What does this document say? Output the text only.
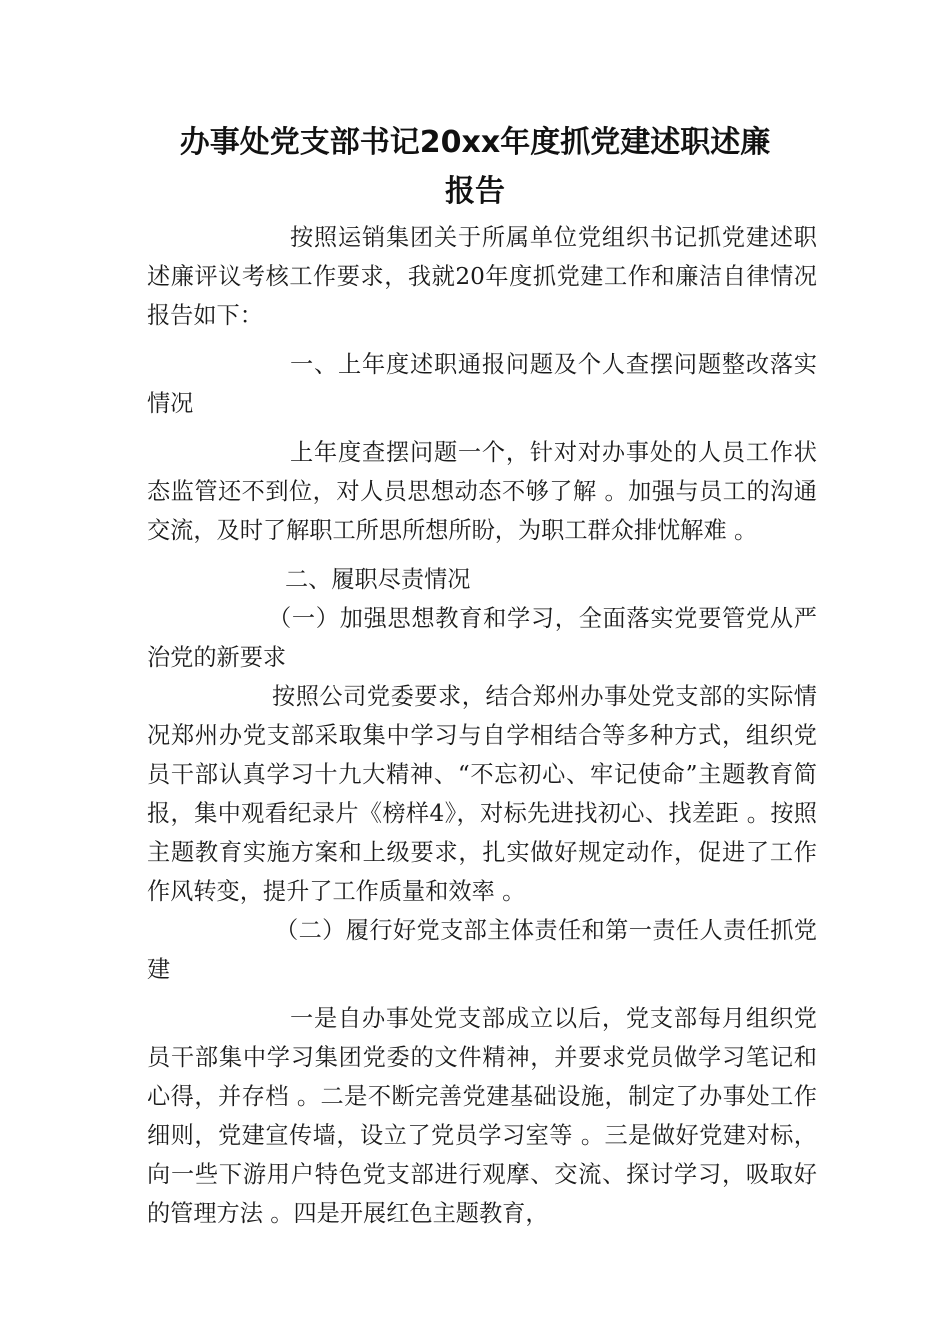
办事处党支部书记20xx年度抓党建述职述廉
报告

按照运销集团关于所属单位党组织书记抓党建述职述廉评议考核工作要求，我就20年度抓党建工作和廉洁自律情况报告如下：

一、上年度述职通报问题及个人查摆问题整改落实情况

上年度查摆问题一个，针对对办事处的人员工作状态监管还不到位，对人员思想动态不够了解 。加强与员工的沟通交流，及时了解职工所思所想所盼，为职工群众排忧解难 。

二、履职尽责情况

（一）加强思想教育和学习，全面落实党要管党从严治党的新要求

按照公司党委要求，结合郑州办事处党支部的实际情况郑州办党支部采取集中学习与自学相结合等多种方式，组织党员干部认真学习十九大精神、“不忘初心、牢记使命”主题教育简报，集中观看纪录片《榜样4》，对标先进找初心、找差距 。按照主题教育实施方案和上级要求，扎实做好规定动作，促进了工作作风转变，提升了工作质量和效率 。

（二）履行好党支部主体责任和第一责任人责任抓党建

一是自办事处党支部成立以后，党支部每月组织党员干部集中学习集团党委的文件精神，并要求党员做学习笔记和心得，并存档 。二是不断完善党建基础设施，制定了办事处工作细则，党建宣传墙，设立了党员学习室等 。三是做好党建对标，向一些下游用户特色党支部进行观摩、交流、探讨学习，吸取好的管理方法 。四是开展红色主题教育，
